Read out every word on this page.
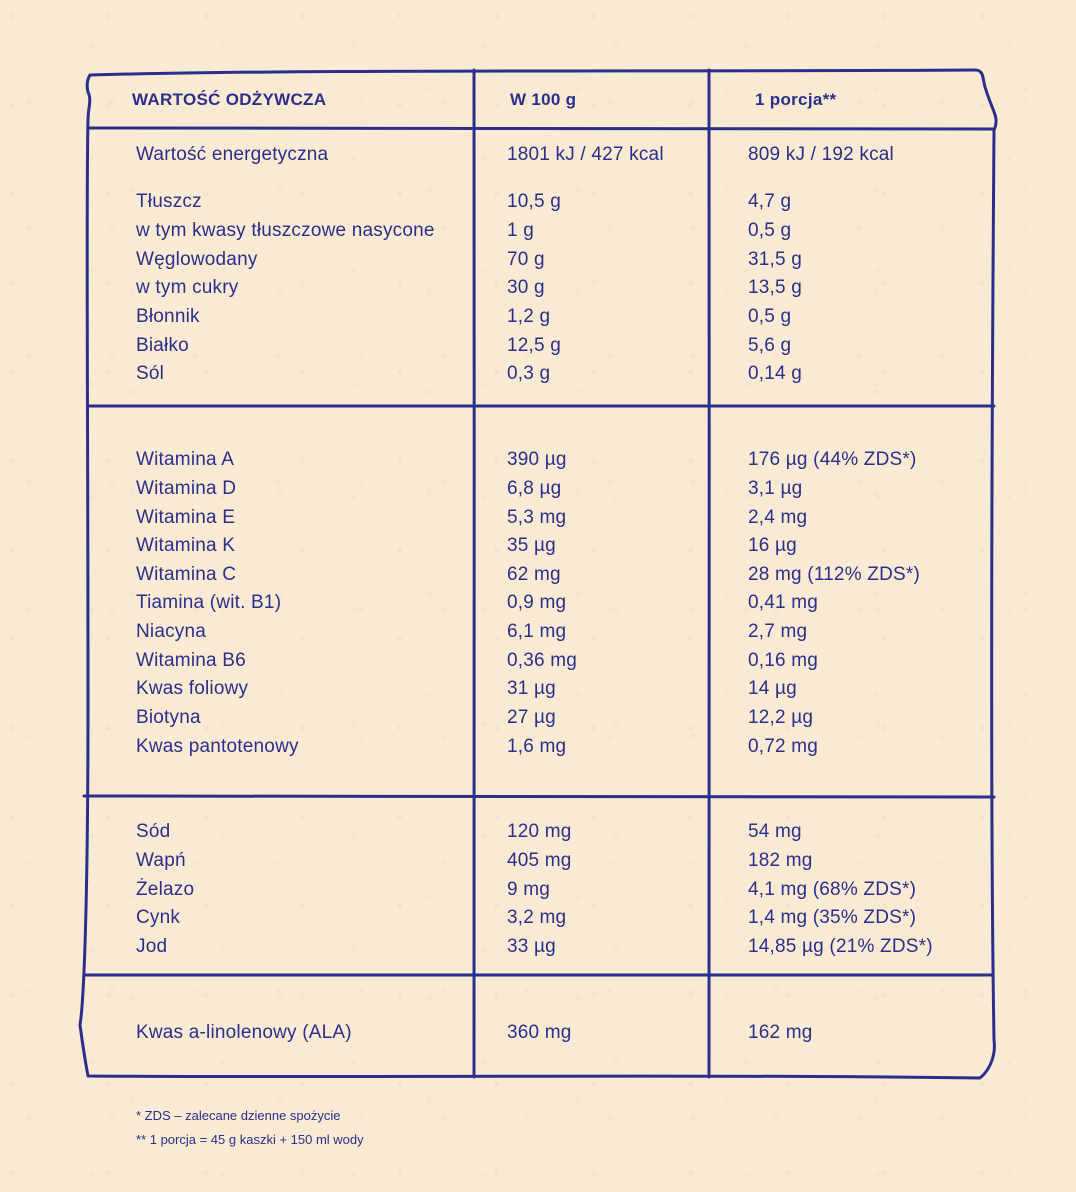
WARTOŚĆ ODŻYWCZA	W 100 g	1 porcja**
Wartość energetyczna	1801 kJ / 427 kcal	809 kJ / 192 kcal
Tłuszcz	10,5 g	4,7 g
w tym kwasy tłuszczowe nasycone	1 g	0,5 g
Węglowodany	70 g	31,5 g
w tym cukry	30 g	13,5 g
Błonnik	1,2 g	0,5 g
Białko	12,5 g	5,6 g
Sól	0,3 g	0,14 g
Witamina A	390 µg	176 µg (44% ZDS*)
Witamina D	6,8 µg	3,1 µg
Witamina E	5,3 mg	2,4 mg
Witamina K	35 µg	16 µg
Witamina C	62 mg	28 mg (112% ZDS*)
Tiamina (wit. B1)	0,9 mg	0,41 mg
Niacyna	6,1 mg	2,7 mg
Witamina B6	0,36 mg	0,16 mg
Kwas foliowy	31 µg	14 µg
Biotyna	27 µg	12,2 µg
Kwas pantotenowy	1,6 mg	0,72 mg
Sód	120 mg	54 mg
Wapń	405 mg	182 mg
Żelazo	9 mg	4,1 mg (68% ZDS*)
Cynk	3,2 mg	1,4 mg (35% ZDS*)
Jod	33 µg	14,85 µg (21% ZDS*)
Kwas a-linolenowy (ALA)	360 mg	162 mg
* ZDS – zalecane dzienne spożycie
** 1 porcja = 45 g kaszki + 150 ml wody
